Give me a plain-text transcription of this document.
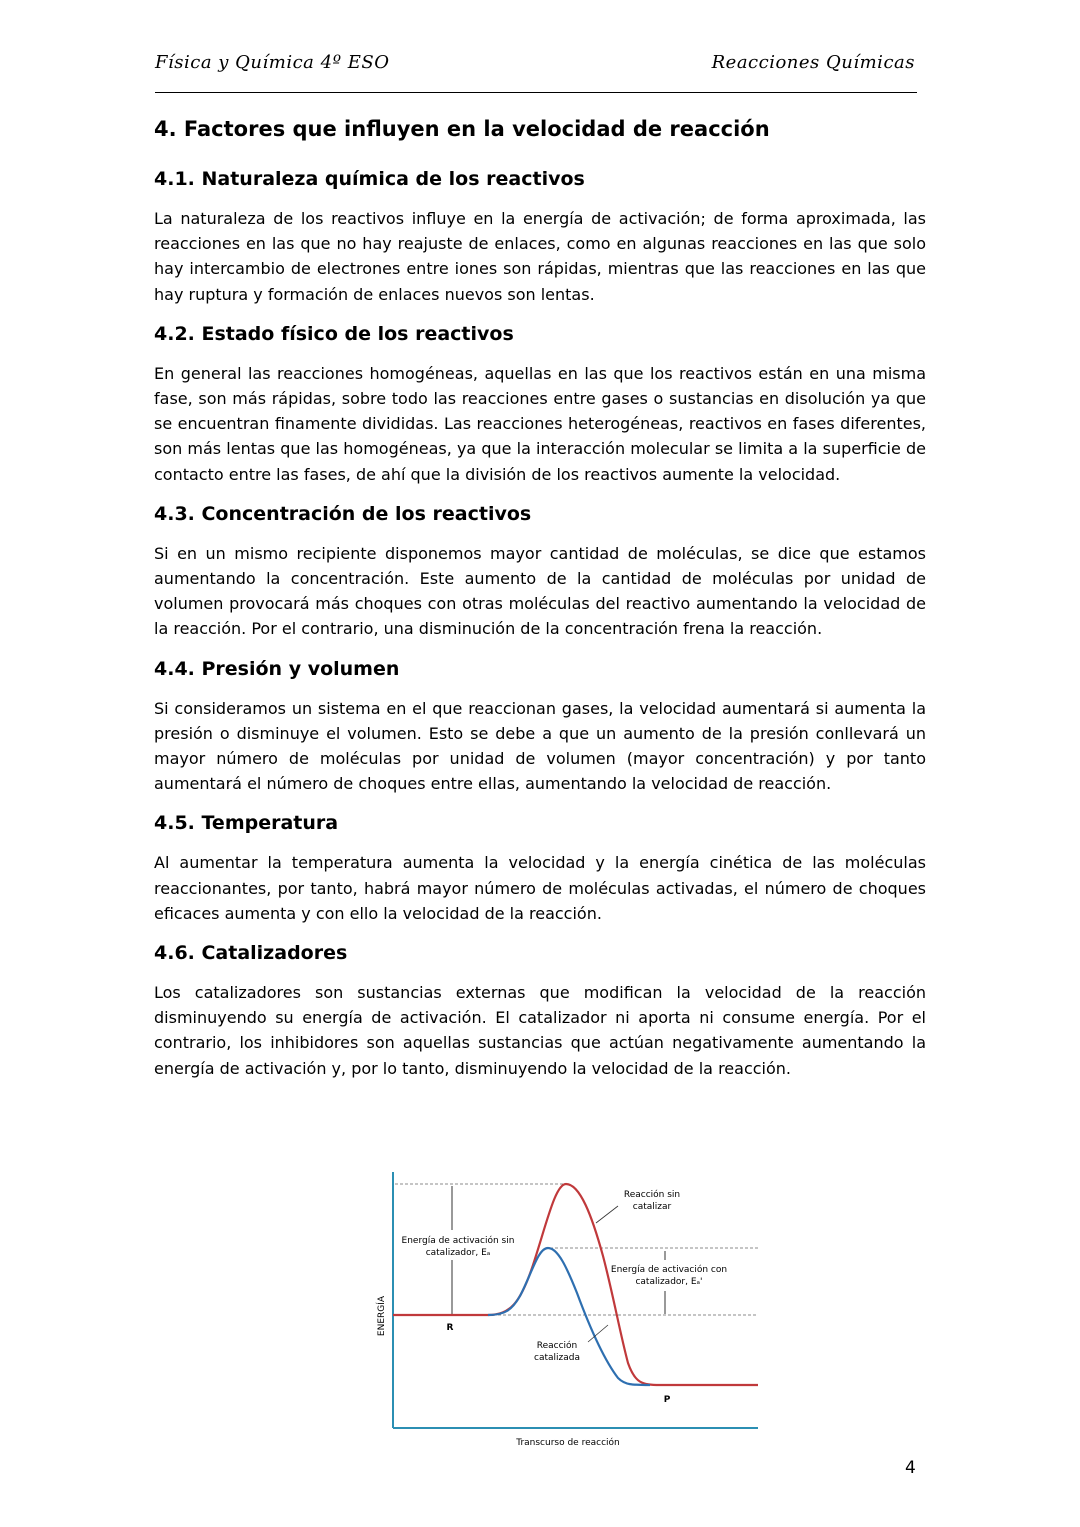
Física y Química 4º ESO	Reacciones Químicas
4. Factores que influyen en la velocidad de reacción
4.1. Naturaleza química de los reactivos

La naturaleza de los reactivos influye en la energía de activación; de forma aproximada, las reacciones en las que no hay reajuste de enlaces, como en algunas reacciones en las que solo hay intercambio de electrones entre iones son rápidas, mientras que las reacciones en las que hay ruptura y formación de enlaces nuevos son lentas.

4.2. Estado físico de los reactivos

En general las reacciones homogéneas, aquellas en las que los reactivos están en una misma fase, son más rápidas, sobre todo las reacciones entre gases o sustancias en disolución ya que se encuentran finamente divididas. Las reacciones heterogéneas, reactivos en fases diferentes, son más lentas que las homogéneas, ya que la interacción molecular se limita a la superficie de contacto entre las fases, de ahí que la división de los reactivos aumente la velocidad.

4.3. Concentración de los reactivos

Si en un mismo recipiente disponemos mayor cantidad de moléculas, se dice que estamos aumentando la concentración. Este aumento de la cantidad de moléculas por unidad de volumen provocará más choques con otras moléculas del reactivo aumentando la velocidad de la reacción. Por el contrario, una disminución de la concentración frena la reacción.

4.4. Presión y volumen

Si consideramos un sistema en el que reaccionan gases, la velocidad aumentará si aumenta la presión o disminuye el volumen. Esto se debe a que un aumento de la presión conllevará un mayor número de moléculas por unidad de volumen (mayor concentración) y por tanto aumentará el número de choques entre ellas, aumentando la velocidad de reacción.

4.5. Temperatura

Al aumentar la temperatura aumenta la velocidad y la energía cinética de las moléculas reaccionantes, por tanto, habrá mayor número de moléculas activadas, el número de choques eficaces aumenta y con ello la velocidad de la reacción.

4.6. Catalizadores

Los catalizadores son sustancias externas que modifican la velocidad de la reacción disminuyendo su energía de activación. El catalizador ni aporta ni consume energía. Por el contrario, los inhibidores son aquellas sustancias que actúan negativamente aumentando la energía de activación y, por lo tanto, disminuyendo la velocidad de la reacción.

Reacción sin
catalizar
Energía de activación sin
catalizador, Eₐ
Energía de activación con
catalizador, Eₐ'
Reacción
catalizada
R
P
ENERGÍA
Transcurso de reacción
4
